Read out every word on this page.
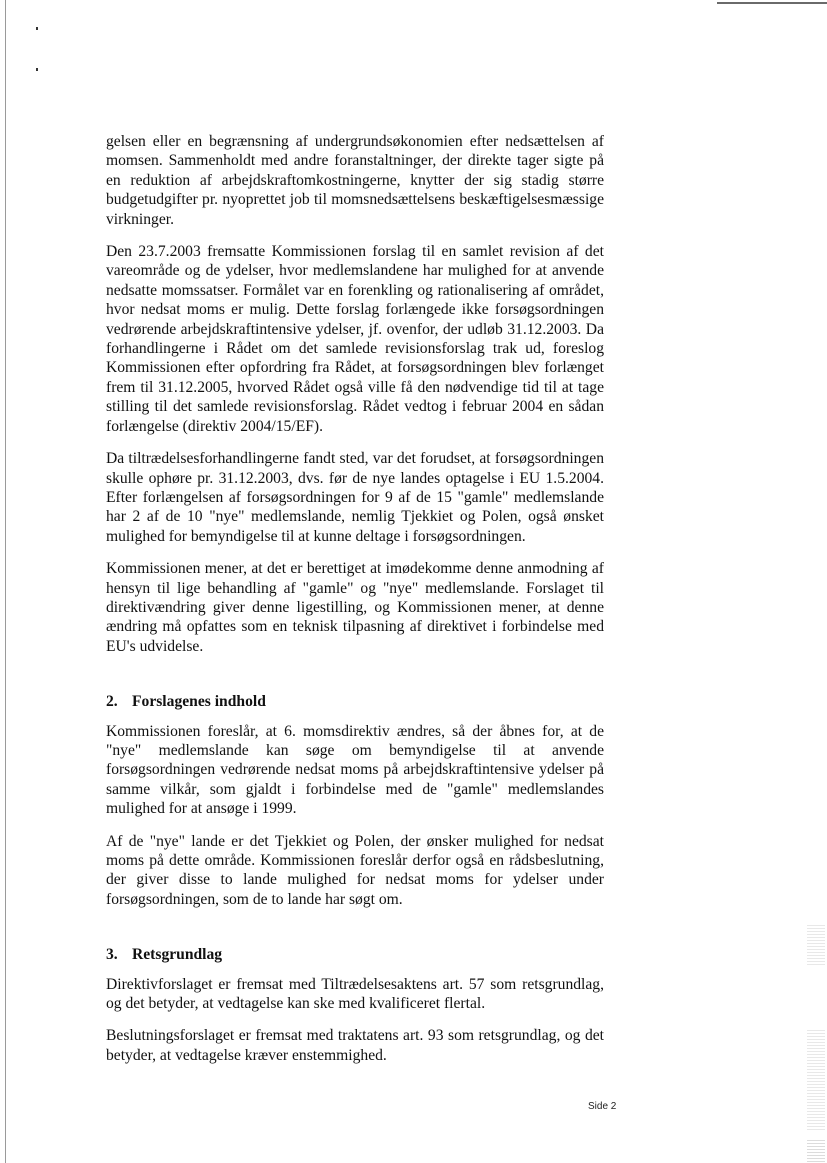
gelsen eller en begrænsning af undergrundsøkonomien efter nedsættelsen af momsen. Sammenholdt med andre foranstaltninger, der direkte tager sigte på en reduktion af arbejdskraftomkostningerne, knytter der sig stadig større budgetudgifter pr. nyoprettet job til momsnedsættelsens beskæftigelsesmæssige virkninger.

Den 23.7.2003 fremsatte Kommissionen forslag til en samlet revision af det vareområde og de ydelser, hvor medlemslandene har mulighed for at anvende nedsatte momssatser. Formålet var en forenkling og rationalisering af området, hvor nedsat moms er mulig. Dette forslag forlængede ikke forsøgsordningen vedrørende arbejdskraftintensive ydelser, jf. ovenfor, der udløb 31.12.2003. Da forhandlingerne i Rådet om det samlede revisionsforslag trak ud, foreslog Kommissionen efter opfordring fra Rådet, at forsøgsordningen blev forlænget frem til 31.12.2005, hvorved Rådet også ville få den nødvendige tid til at tage stilling til det samlede revisionsforslag. Rådet vedtog i februar 2004 en sådan forlængelse (direktiv 2004/15/EF).

Da tiltrædelsesforhandlingerne fandt sted, var det forudset, at forsøgsordningen skulle ophøre pr. 31.12.2003, dvs. før de nye landes optagelse i EU 1.5.2004. Efter forlængelsen af forsøgsordningen for 9 af de 15 "gamle" medlemslande har 2 af de 10 "nye" medlemslande, nemlig Tjekkiet og Polen, også ønsket mulighed for bemyndigelse til at kunne deltage i forsøgsordningen.

Kommissionen mener, at det er berettiget at imødekomme denne anmodning af hensyn til lige behandling af "gamle" og "nye" medlemslande. Forslaget til direktivændring giver denne ligestilling, og Kommissionen mener, at denne ændring må opfattes som en teknisk tilpasning af direktivet i forbindelse med EU's udvidelse.

2. Forslagenes indhold

Kommissionen foreslår, at 6. momsdirektiv ændres, så der åbnes for, at de "nye" medlemslande kan søge om bemyndigelse til at anvende forsøgsordningen vedrørende nedsat moms på arbejdskraftintensive ydelser på samme vilkår, som gjaldt i forbindelse med de "gamle" medlemslandes mulighed for at ansøge i 1999.

Af de "nye" lande er det Tjekkiet og Polen, der ønsker mulighed for nedsat moms på dette område. Kommissionen foreslår derfor også en rådsbeslutning, der giver disse to lande mulighed for nedsat moms for ydelser under forsøgsordningen, som de to lande har søgt om.

3. Retsgrundlag

Direktivforslaget er fremsat med Tiltrædelsesaktens art. 57 som retsgrundlag, og det betyder, at vedtagelse kan ske med kvalificeret flertal.

Beslutningsforslaget er fremsat med traktatens art. 93 som retsgrundlag, og det betyder, at vedtagelse kræver enstemmighed.

Side 2
